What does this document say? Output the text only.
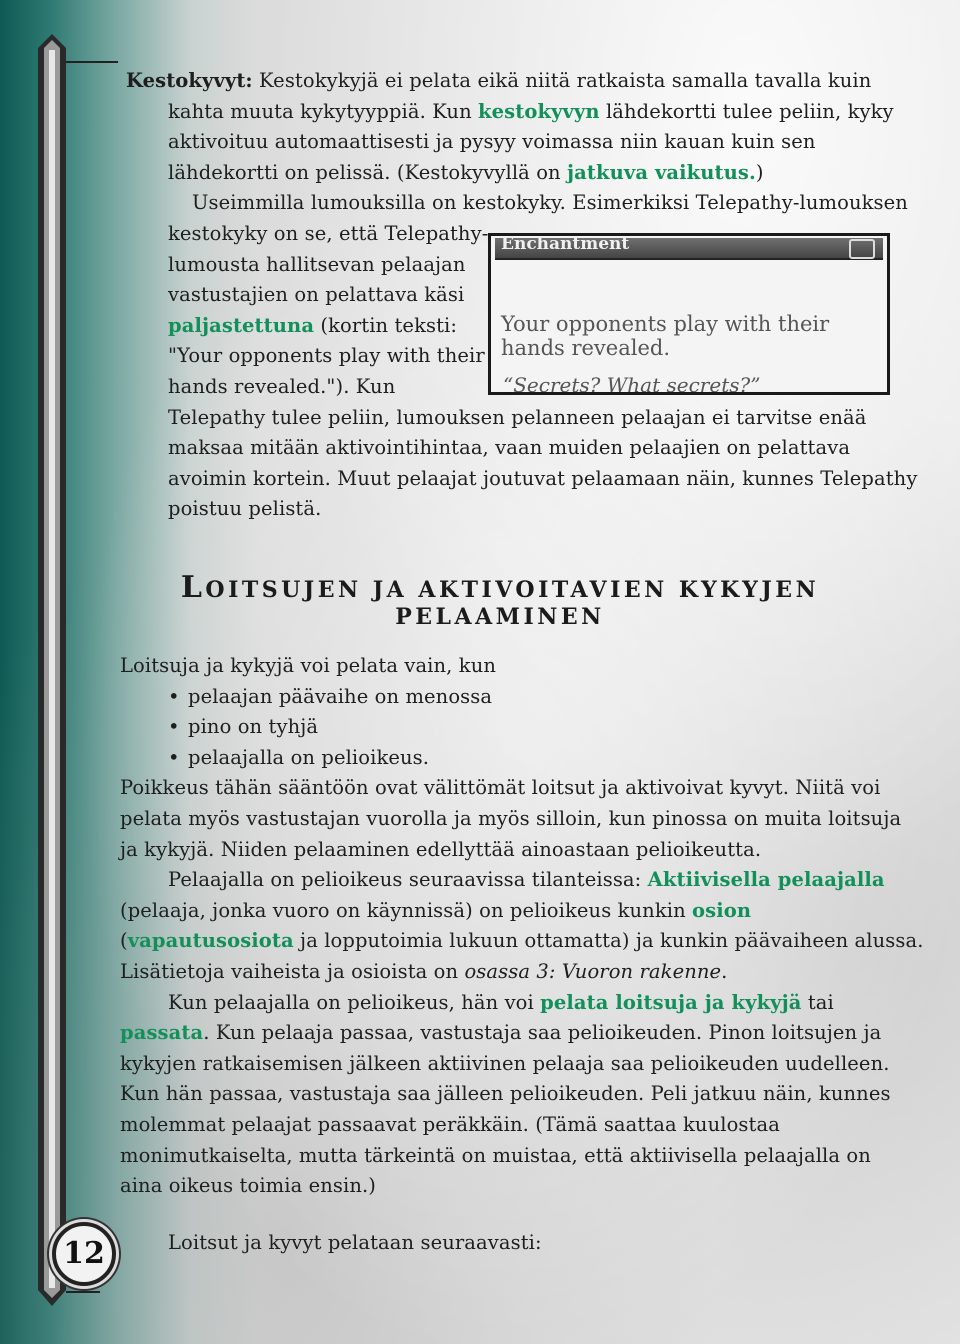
12
Kestokyvyt: Kestokykyjä ei pelata eikä niitä ratkaista samalla tavalla kuin
kahta muuta kykytyyppiä. Kun kestokyvyn lähdekortti tulee peliin, kyky
aktivoituu automaattisesti ja pysyy voimassa niin kauan kuin sen
lähdekortti on pelissä. (Kestokyvyllä on jatkuva vaikutus.)
Useimmilla lumouksilla on kestokyky. Esimerkiksi Telepathy-lumouksen
kestokyky on se, että Telepathy-
lumousta hallitsevan pelaajan
vastustajien on pelattava käsi
paljastettuna (kortin teksti:
"Your opponents play with their
hands revealed."). Kun
Telepathy tulee peliin, lumouksen pelanneen pelaajan ei tarvitse enää
maksaa mitään aktivointihintaa, vaan muiden pelaajien on pelattava
avoimin kortein. Muut pelaajat joutuvat pelaamaan näin, kunnes Telepathy
poistuu pelistä.
Enchantment
Your opponents play with their
hands revealed.
“Secrets? What secrets?”
LOITSUJEN JA AKTIVOITAVIEN KYKYJEN
PELAAMINEN
Loitsuja ja kykyjä voi pelata vain, kun
• pelaajan päävaihe on menossa
• pino on tyhjä
• pelaajalla on pelioikeus.
Poikkeus tähän sääntöön ovat välittömät loitsut ja aktivoivat kyvyt. Niitä voi
pelata myös vastustajan vuorolla ja myös silloin, kun pinossa on muita loitsuja
ja kykyjä. Niiden pelaaminen edellyttää ainoastaan pelioikeutta.
Pelaajalla on pelioikeus seuraavissa tilanteissa: Aktiivisella pelaajalla
(pelaaja, jonka vuoro on käynnissä) on pelioikeus kunkin osion
(vapautusosiota ja lopputoimia lukuun ottamatta) ja kunkin päävaiheen alussa.
Lisätietoja vaiheista ja osioista on osassa 3: Vuoron rakenne.
Kun pelaajalla on pelioikeus, hän voi pelata loitsuja ja kykyjä tai
passata. Kun pelaaja passaa, vastustaja saa pelioikeuden. Pinon loitsujen ja
kykyjen ratkaisemisen jälkeen aktiivinen pelaaja saa pelioikeuden uudelleen.
Kun hän passaa, vastustaja saa jälleen pelioikeuden. Peli jatkuu näin, kunnes
molemmat pelaajat passaavat peräkkäin. (Tämä saattaa kuulostaa
monimutkaiselta, mutta tärkeintä on muistaa, että aktiivisella pelaajalla on
aina oikeus toimia ensin.)
Loitsut ja kyvyt pelataan seuraavasti:
